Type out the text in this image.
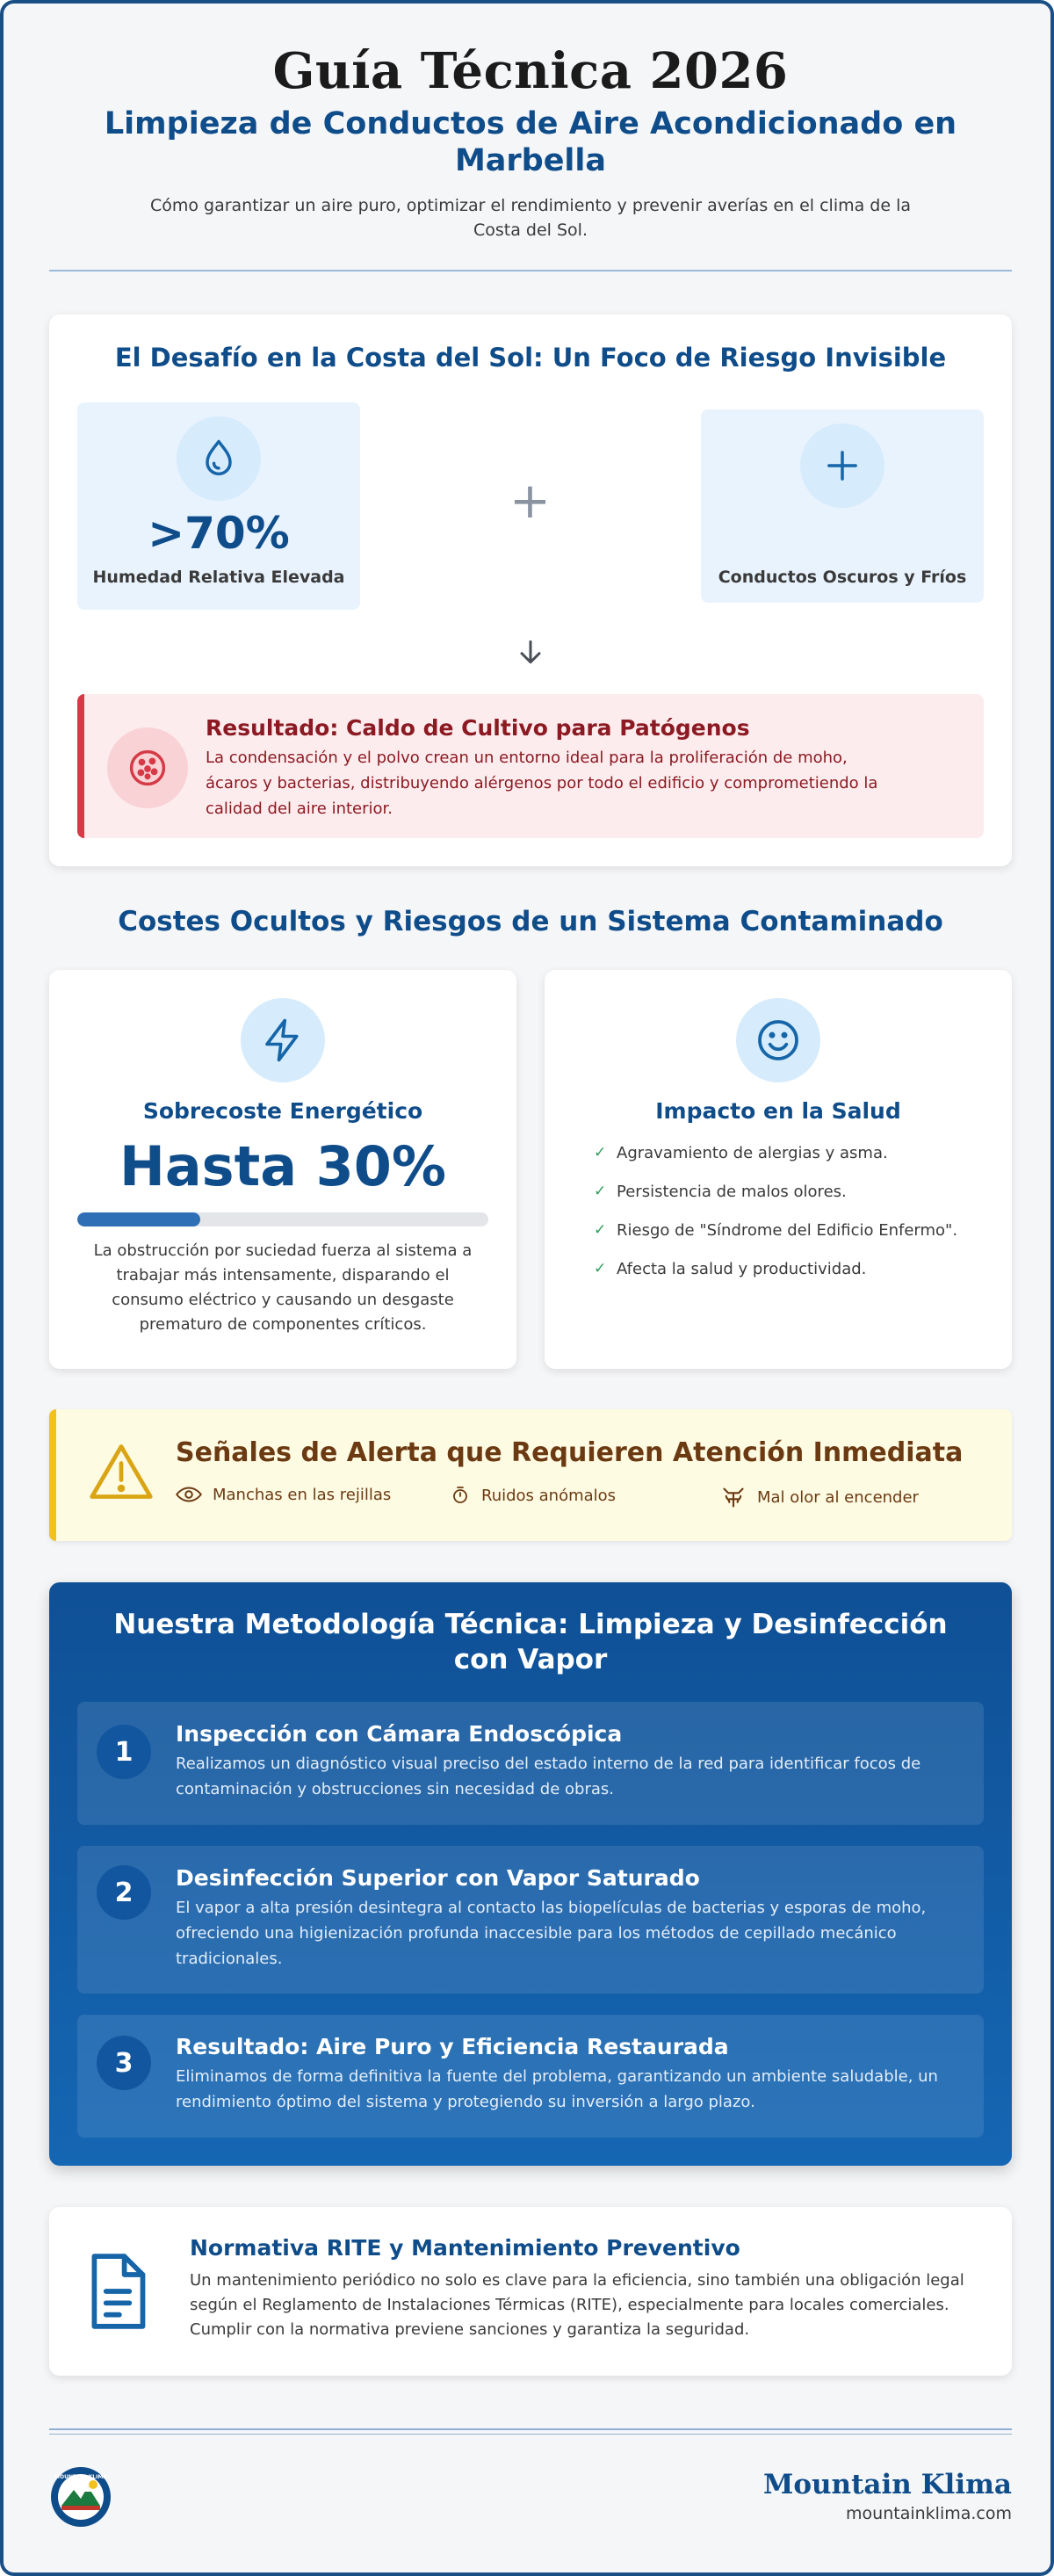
Guía Técnica 2026
Limpieza de Conductos de Aire Acondicionado en Marbella

Cómo garantizar un aire puro, optimizar el rendimiento y prevenir averías en el clima de la Costa del Sol.

El Desafío en la Costa del Sol: Un Foco de Riesgo Invisible
>70%
Humedad Relativa Elevada
+
Conductos Oscuros y Fríos
Resultado: Caldo de Cultivo para Patógenos
La condensación y el polvo crean un entorno ideal para la proliferación de moho, ácaros y bacterias, distribuyendo alérgenos por todo el edificio y comprometiendo la calidad del aire interior.
Costes Ocultos y Riesgos de un Sistema Contaminado
Sobrecoste Energético
Hasta 30%
La obstrucción por suciedad fuerza al sistema a trabajar más intensamente, disparando el consumo eléctrico y causando un desgaste prematuro de componentes críticos.
Impacto en la Salud
✓ Agravamiento de alergias y asma.
✓ Persistencia de malos olores.
✓ Riesgo de "Síndrome del Edificio Enfermo".
✓ Afecta la salud y productividad.
Señales de Alerta que Requieren Atención Inmediata
Manchas en las rejillas	Ruidos anómalos	Mal olor al encender
Nuestra Metodología Técnica: Limpieza y Desinfección con Vapor
1
Inspección con Cámara Endoscópica
Realizamos un diagnóstico visual preciso del estado interno de la red para identificar focos de contaminación y obstrucciones sin necesidad de obras.
2	Desinfección Superior con Vapor Saturado
El vapor a alta presión desintegra al contacto las biopelículas de bacterias y esporas de moho, ofreciendo una higienización profunda inaccesible para los métodos de cepillado mecánico tradicionales.
3
Resultado: Aire Puro y Eficiencia Restaurada
Eliminamos de forma definitiva la fuente del problema, garantizando un ambiente saludable, un rendimiento óptimo del sistema y protegiendo su inversión a largo plazo.
Normativa RITE y Mantenimiento Preventivo
Un mantenimiento periódico no solo es clave para la eficiencia, sino también una obligación legal según el Reglamento de Instalaciones Térmicas (RITE), especialmente para locales comerciales. Cumplir con la normativa previene sanciones y garantiza la seguridad.
MOUNTAIN KLIMA	Mountain Klima
mountainklima.com
